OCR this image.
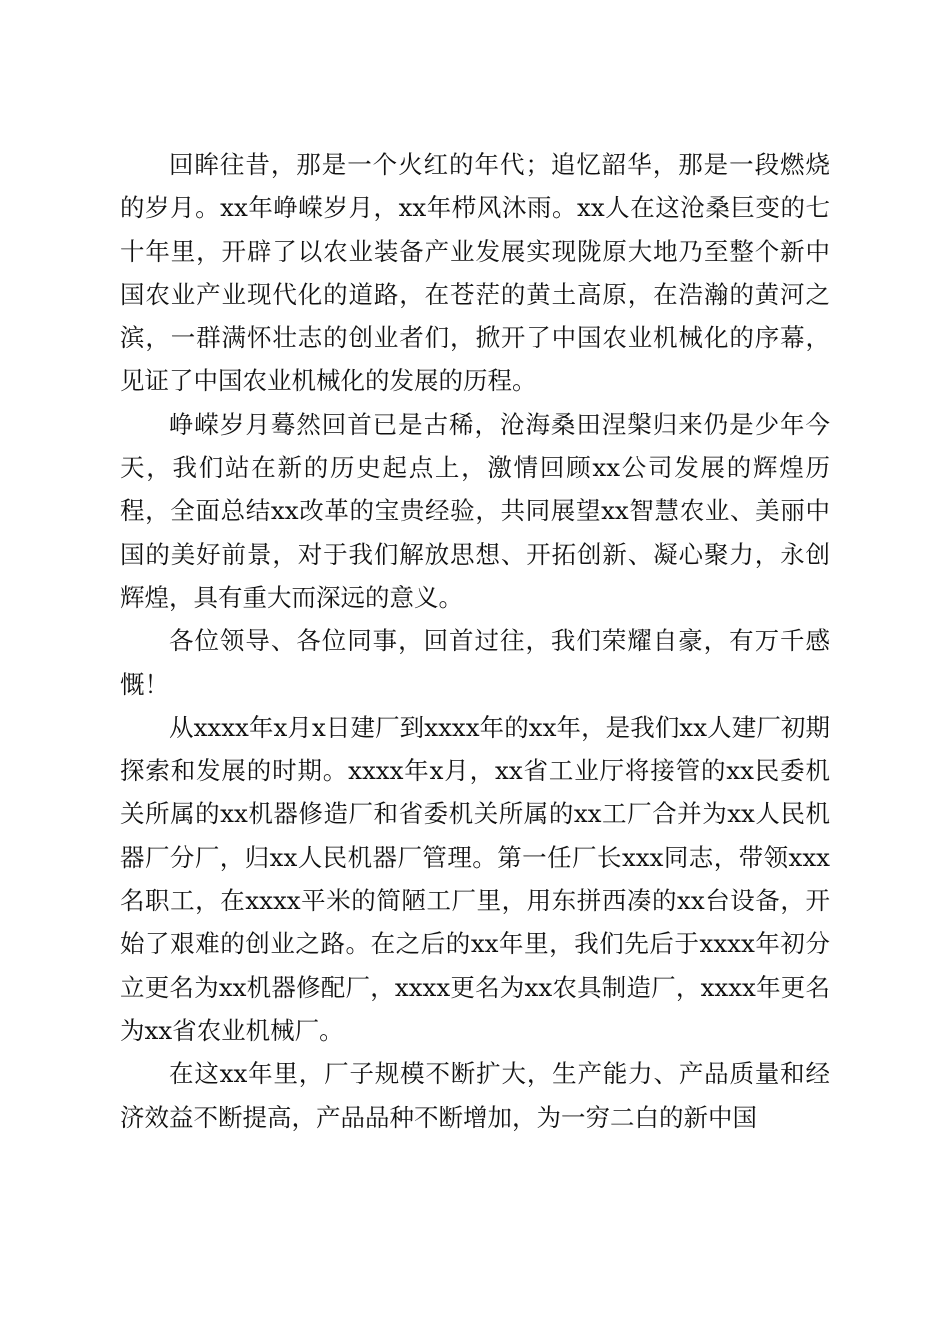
回眸往昔，那是一个火红的年代；追忆韶华，那是一段燃烧的岁月。xx年峥嵘岁月，xx年栉风沐雨。xx人在这沧桑巨变的七十年里，开辟了以农业装备产业发展实现陇原大地乃至整个新中国农业产业现代化的道路，在苍茫的黄土高原，在浩瀚的黄河之滨，一群满怀壮志的创业者们，掀开了中国农业机械化的序幕，见证了中国农业机械化的发展的历程。

峥嵘岁月蓦然回首已是古稀，沧海桑田涅槃归来仍是少年今天，我们站在新的历史起点上，激情回顾xx公司发展的辉煌历程，全面总结xx改革的宝贵经验，共同展望xx智慧农业、美丽中国的美好前景，对于我们解放思想、开拓创新、凝心聚力，永创辉煌，具有重大而深远的意义。

各位领导、各位同事，回首过往，我们荣耀自豪，有万千感慨！

从xxxx年x月x日建厂到xxxx年的xx年，是我们xx人建厂初期探索和发展的时期。xxxx年x月，xx省工业厅将接管的xx民委机关所属的xx机器修造厂和省委机关所属的xx工厂合并为xx人民机器厂分厂，归xx人民机器厂管理。第一任厂长xxx同志，带领xxx名职工，在xxxx平米的简陋工厂里，用东拼西凑的xx台设备，开始了艰难的创业之路。在之后的xx年里，我们先后于xxxx年初分立更名为xx机器修配厂，xxxx更名为xx农具制造厂，xxxx年更名为xx省农业机械厂。

在这xx年里，厂子规模不断扩大，生产能力、产品质量和经济效益不断提高，产品品种不断增加，为一穷二白的新中国
